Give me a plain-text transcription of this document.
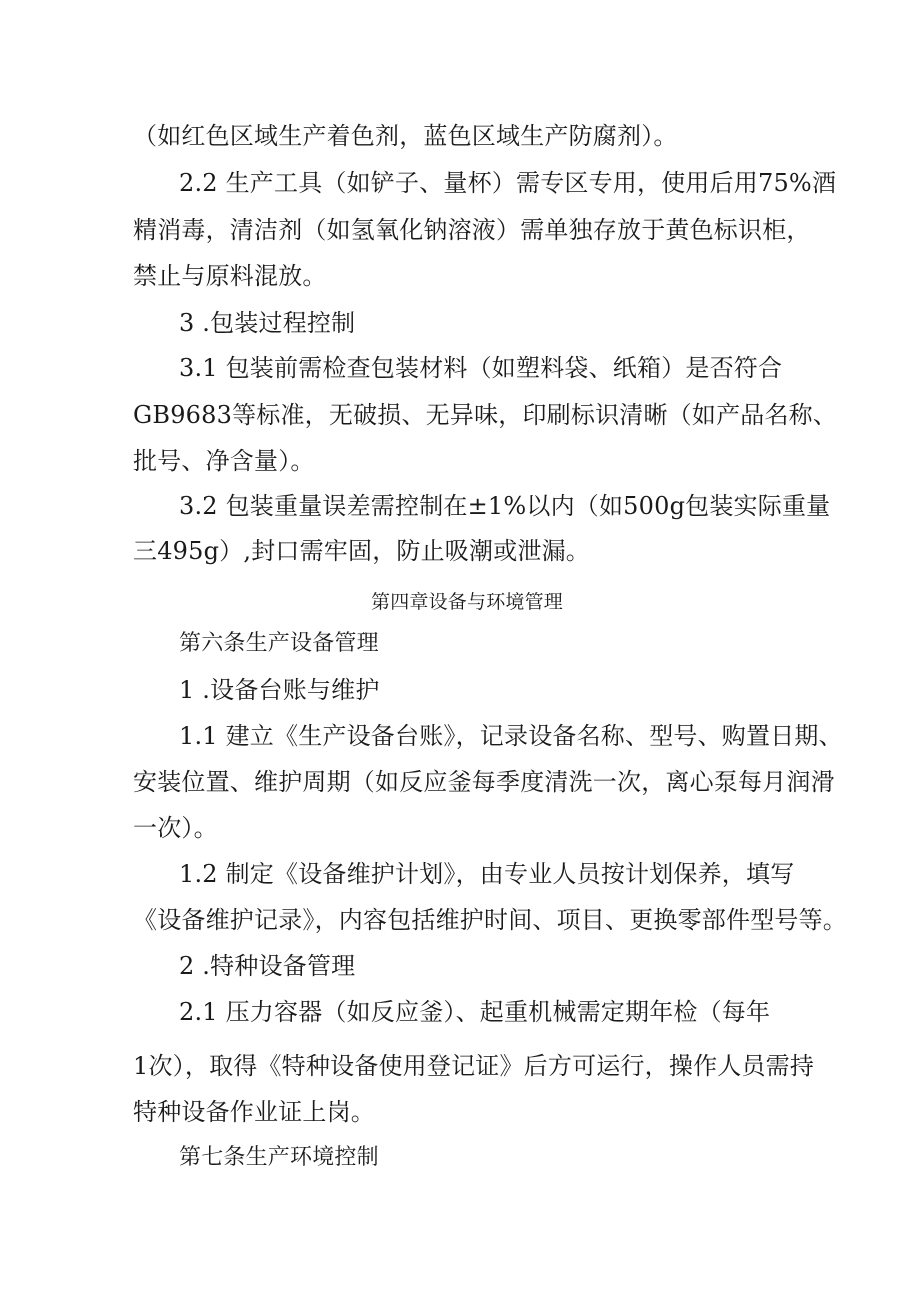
（如红色区域生产着色剂，蓝色区域生产防腐剂）。
2.2 生产工具（如铲子、量杯）需专区专用，使用后用75%酒
精消毒，清洁剂（如氢氧化钠溶液）需单独存放于黄色标识柜，
禁止与原料混放。
3 .包装过程控制
3.1 包装前需检查包装材料（如塑料袋、纸箱）是否符合
GB9683等标准，无破损、无异味，印刷标识清晰（如产品名称、
批号、净含量）。
3.2 包装重量误差需控制在±1%以内（如500g包装实际重量
三495g）,封口需牢固，防止吸潮或泄漏。
第四章设备与环境管理
第六条生产设备管理
1 .设备台账与维护
1.1 建立《生产设备台账》，记录设备名称、型号、购置日期、
安装位置、维护周期（如反应釜每季度清洗一次，离心泵每月润滑
一次）。
1.2 制定《设备维护计划》，由专业人员按计划保养，填写
《设备维护记录》，内容包括维护时间、项目、更换零部件型号等。
2 .特种设备管理
2.1 压力容器（如反应釜）、起重机械需定期年检（每年
1次），取得《特种设备使用登记证》后方可运行，操作人员需持
特种设备作业证上岗。
第七条生产环境控制
